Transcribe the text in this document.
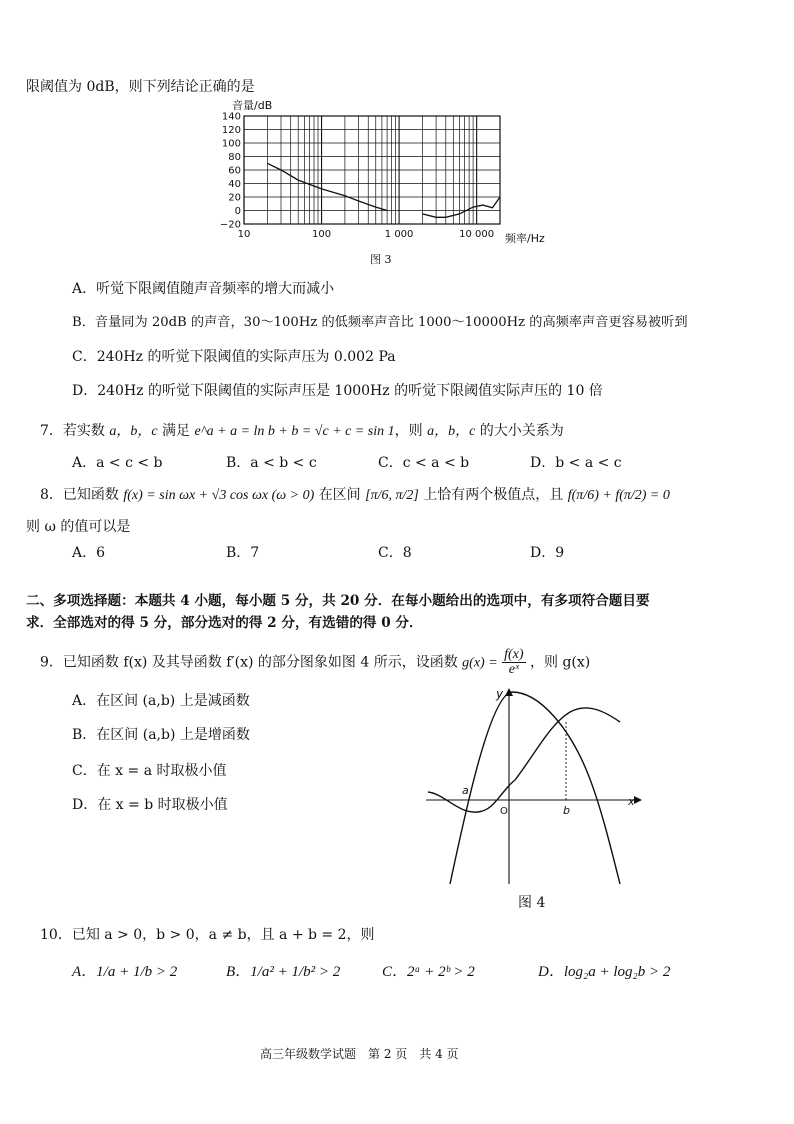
限阈值为 0dB，则下列结论正确的是
音量/dB
140
120
100
80
60
40
20
0
−20
10	100	1 000	10 000 频率/Hz
图 3
A．听觉下限阈值随声音频率的增大而减小
B．音量同为 20dB 的声音，30～100Hz 的低频率声音比 1000～10000Hz 的高频率声音更容易被听到
C．240Hz 的听觉下限阈值的实际声压为 0.002 Pa
D．240Hz 的听觉下限阈值的实际声压是 1000Hz 的听觉下限阈值实际声压的 10 倍
7．若实数 a，b，c 满足 e^a + a = ln b + b = √c + c = sin 1，则 a，b，c 的大小关系为
A．a < c < b	B．a < b < c	C．c < a < b	D．b < a < c
8．已知函数 f(x) = sin ωx + √3 cos ωx (ω > 0) 在区间 [π/6, π/2] 上恰有两个极值点，且 f(π/6) + f(π/2) = 0
则 ω 的值可以是
A．6	B．7	C．8	D．9
二、多项选择题：本题共 4 小题，每小题 5 分，共 20 分．在每小题给出的选项中，有多项符合题目要
求．全部选对的得 5 分，部分选对的得 2 分，有选错的得 0 分．
9．已知函数 f(x) 及其导函数 f′(x) 的部分图象如图 4 所示，设函数 $g(x) = \frac{f(x)}{\text{eˣ}}$ ，则 g(x)
A．在区间 (a,b) 上是减函数
B．在区间 (a,b) 上是增函数
C．在 x = a 时取极小值
D．在 x = b 时取极小值
y
x
O
a
b
图 4
10．已知 a > 0，b > 0，a ≠ b，且 a + b = 2，则
A．1/a + 1/b > 2	B．1/a² + 1/b² > 2	C．2ᵃ + 2ᵇ > 2	D．log₂a + log₂b > 2
高三年级数学试题　第 2 页　共 4 页
